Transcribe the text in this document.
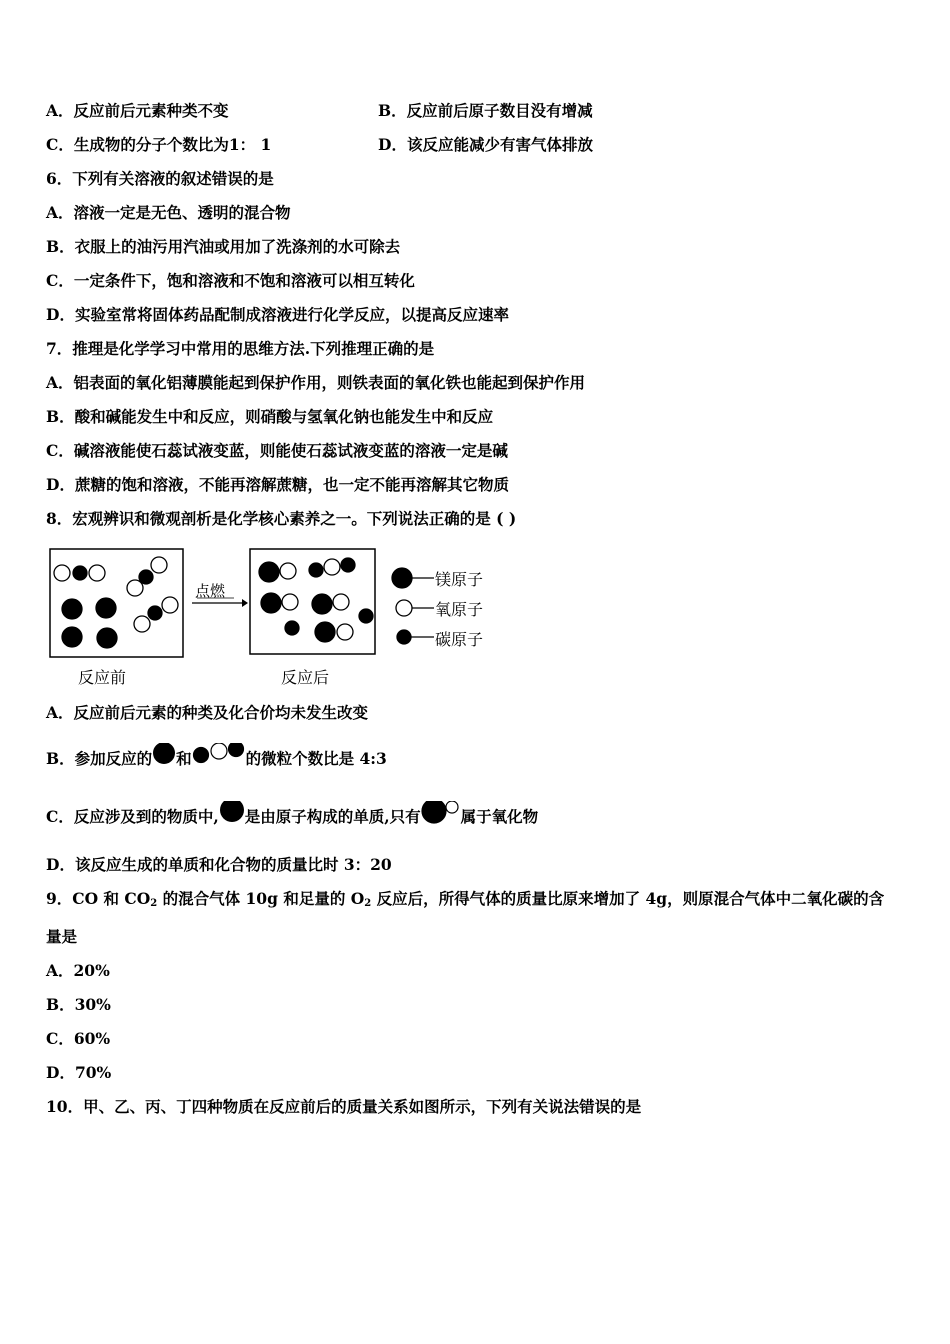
A．反应前后元素种类不变	B．反应前后原子数目没有增减
C．生成物的分子个数比为1： 1	D．该反应能减少有害气体排放
6．下列有关溶液的叙述错误的是
A．溶液一定是无色、透明的混合物
B．衣服上的油污用汽油或用加了洗涤剂的水可除去
C．一定条件下，饱和溶液和不饱和溶液可以相互转化
D．实验室常将固体药品配制成溶液进行化学反应，以提高反应速率
7．推理是化学学习中常用的思维方法.下列推理正确的是
A．铝表面的氧化铝薄膜能起到保护作用，则铁表面的氧化铁也能起到保护作用
B．酸和碱能发生中和反应，则硝酸与氢氧化钠也能发生中和反应
C．碱溶液能使石蕊试液变蓝，则能使石蕊试液变蓝的溶液一定是碱
D．蔗糖的饱和溶液，不能再溶解蔗糖，也一定不能再溶解其它物质
8．宏观辨识和微观剖析是化学核心素养之一。下列说法正确的是 ( )
点燃
镁原子
氧原子
碳原子
反应前	反应后
A．反应前后元素的种类及化合价均未发生改变
B．参加反应的 和	的微粒个数比是 4:3
C．反应涉及到的物质中, 是由原子构成的单质,只有	属于氧化物
D．该反应生成的单质和化合物的质量比时 3：20
9．CO 和 $CO_2$ 的混合气体 10g 和足量的 $O_2$ 反应后，所得气体的质量比原来增加了 4g，则原混合气体中二氧化碳的含
量是
A．20%
B．30%
C．60%
D．70%
10．甲、乙、丙、丁四种物质在反应前后的质量关系如图所示，下列有关说法错误的是
